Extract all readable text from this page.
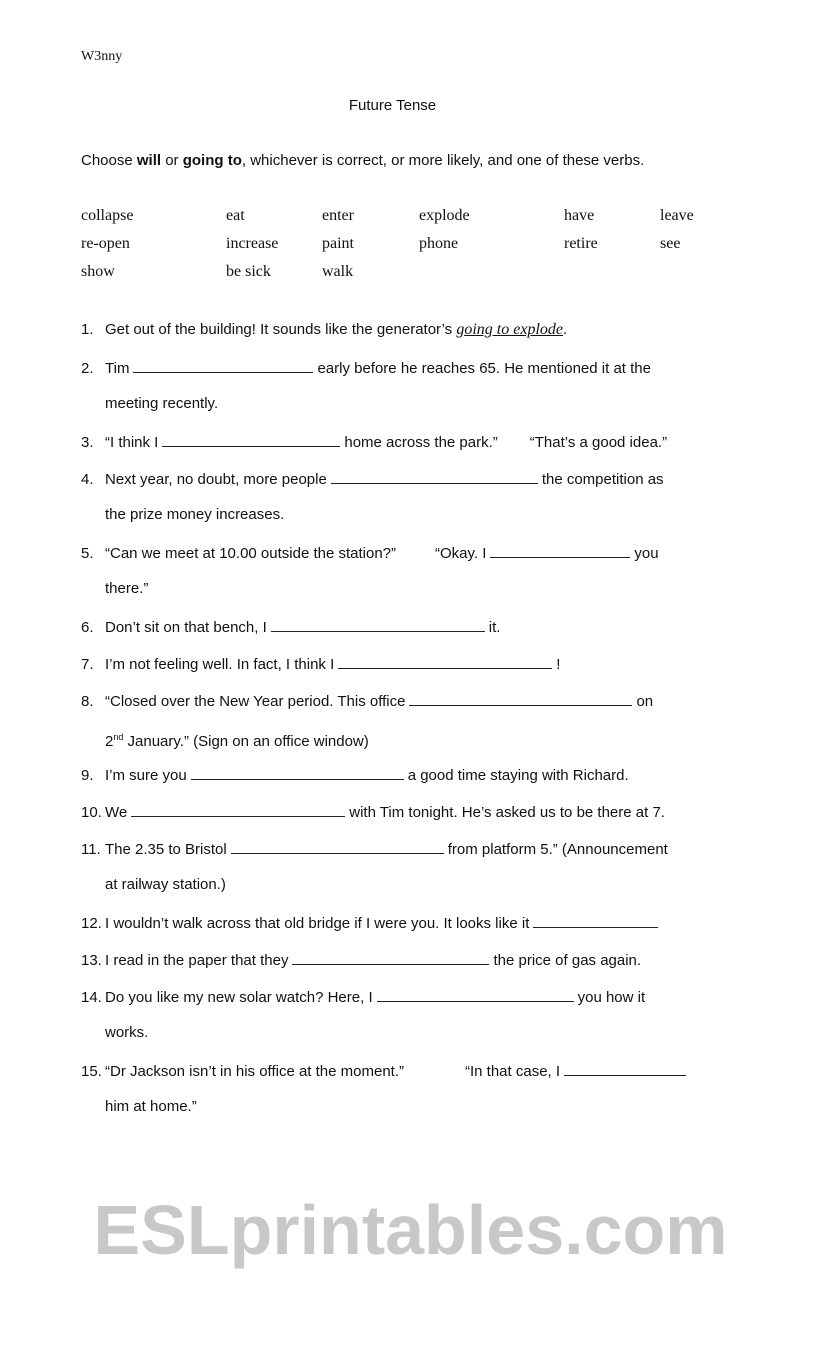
W3nny
Future Tense
Choose will or going to, whichever is correct, or more likely, and one of these verbs.
collapse	eat	enter	explode	have	leave
re-open	increase	paint	phone	retire	see
show	be sick	walk
1. Get out of the building! It sounds like the generator’s going to explode.
2. Tim	early before he reaches 65. He mentioned it at the
meeting recently.
3. “I think I	home across the park.” “That’s a good idea.”
4. Next year, no doubt, more people	the competition as
the prize money increases.
5. “Can we meet at 10.00 outside the station?”	“Okay. I	you
there.”
6. Don’t sit on that bench, I	it.
7. I’m not feeling well. In fact, I think I	!
8. “Closed over the New Year period. This office	on
2nd January.” (Sign on an office window)
9. I’m sure you	a good time staying with Richard.
10. We	with Tim tonight. He’s asked us to be there at 7.
11. The 2.35 to Bristol	from platform 5.” (Announcement
at railway station.)
12. I wouldn’t walk across that old bridge if I were you. It looks like it
13. I read in the paper that they	the price of gas again.
14. Do you like my new solar watch? Here, I	you how it
works.
15. “Dr Jackson isn’t in his office at the moment.”	“In that case, I
him at home.”
ESLprintables.com
